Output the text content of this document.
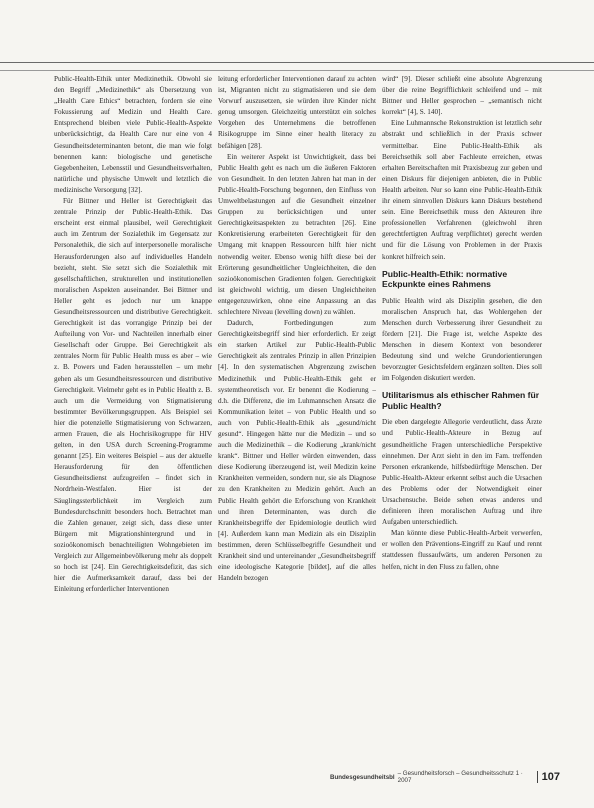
Public-Health-Ethik unter Medizinethik. Obwohl sie den Begriff „Medizinethik“ als Übersetzung von „Health Care Ethics“ betrachten, fordern sie eine Fokussierung auf Medizin und Health Care. Entsprechend bleiben viele Public-Health-Aspekte unberücksichtigt, da Health Care nur eine von 4 Gesundheitsdeterminanten betont, die man wie folgt benennen kann: biologische und genetische Gegebenheiten, Lebensstil und Gesundheitsverhalten, natürliche und physische Umwelt und letztlich die medizinische Versorgung [32].

Für Bittner und Heller ist Gerechtigkeit das zentrale Prinzip der Public-Health-Ethik. Das erscheint erst einmal plausibel, weil Gerechtigkeit auch im Zentrum der Sozialethik im Gegensatz zur Personalethik, die sich auf interpersonelle moralische Herausforderungen also auf individuelles Handeln bezieht, steht. Sie setzt sich die Sozialethik mit gesellschaftlichen, strukturellen und institutionellen moralischen Aspekten auseinander. Bei Bittner und Heller geht es jedoch nur um knappe Gesundheitsressourcen und distributive Gerechtigkeit. Gerechtigkeit ist das vorrangige Prinzip bei der Aufteilung von Vor- und Nachteilen innerhalb einer Gesellschaft oder Gruppe. Bei Gerechtigkeit als zentrales Norm für Public Health muss es aber – wie z. B. Powers und Faden herausstellen – um mehr gehen als um Gesundheitsressourcen und distributive Gerechtigkeit. Vielmehr geht es in Public Health z. B. auch um die Vermeidung von Stigmatisierung bestimmter Bevölkerungsgruppen. Als Beispiel sei hier die potenzielle Stigmatisierung von Schwarzen, armen Frauen, die als Hochrisikogruppe für HIV gelten, in den USA durch Screening-Programme genannt [25]. Ein weiteres Beispiel – aus der aktuelle Herausforderung für den öffentlichen Gesundheitsdienst aufzugreifen – findet sich in Nordrhein-Westfalen. Hier ist der Säuglingssterblichkeit im Vergleich zum Bundesdurchschnitt besonders hoch. Betrachtet man die Zahlen genauer, zeigt sich, dass diese unter Bürgern mit Migrationshintergrund und in sozioökonomisch benachteiligten Wohngebieten im Vergleich zur Allgemeinbevölkerung mehr als doppelt so hoch ist [24]. Ein Gerechtigkeitsdefizit, das sich hier die Aufmerksamkeit darauf, dass bei der Einleitung erforderlicher Interventionen

leitung erforderlicher Interventionen darauf zu achten ist, Migranten nicht zu stigmatisieren und sie dem Vorwurf auszusetzen, sie würden ihre Kinder nicht genug umsorgen. Gleichzeitig unterstützt ein solches Vorgehen des Unternehmens die betroffenen Risikogruppe im Sinne einer health literacy zu befähigen [28].

Ein weiterer Aspekt ist Unwichtigkeit, dass bei Public Health geht es nach um die äußeren Faktoren von Gesundheit. In den letzten Jahren hat man in der Public-Health-Forschung begonnen, den Einfluss von Umweltbelastungen auf die Gesundheit einzelner Gruppen zu berücksichtigen und unter Gerechtigkeitsaspekten zu betrachten [26]. Eine Konkretisierung erarbeiteten Gerechtigkeit für den Umgang mit knappen Ressourcen hilft hier nicht notwendig weiter. Ebenso wenig hilft diese bei der Erörterung gesundheitlicher Ungleichheiten, die den sozioökonomischen Gradienten folgen. Gerechtigkeit ist gleichwohl wichtig, um diesen Ungleichheiten entgegenzuwirken, ohne eine Anpassung an das schlechtere Niveau (levelling down) zu wählen.

Dadurch, Fortbedingungen zum Gerechtigkeitsbegriff sind hier erforderlich. Er zeigt ein starken Artikel zur Public-Health-Public Gerechtigkeit als zentrales Prinzip in allen Prinzipien [4]. In den systematischen Abgrenzung zwischen Medizinethik und Public-Health-Ethik geht er systemtheoretisch vor. Er benennt die Kodierung – d.h. die Differenz, die im Luhmannschen Ansatz die Kommunikation leitet – von Public Health und so auch von Public-Health-Ethik als „gesund/nicht gesund“. Hingegen hätte nur die Medizin – und so auch die Medizinethik – die Kodierung „krank/nicht krank“. Bittner und Heller würden einwenden, dass diese Kodierung überzeugend ist, weil Medizin keine Krankheiten vermeiden, sondern nur, sie als Diagnose zu den Krankheiten zu Medizin gehört. Auch an Public Health gehört die Erforschung von Krankheit und ihren Determinanten, was durch die Krankheitsbegriffe der Epidemiologie deutlich wird [4]. Außerdem kann man Medizin als ein Disziplin bestimmen, deren Schlüsselbegriffe Gesundheit und Krankheit sind und untereinander „Gesundheitsbegriff eine ideologische Kategorie [bildet], auf die alles Handeln bezogen

wird“ [9]. Dieser schließt eine absolute Abgrenzung über die reine Begrifflichkeit schleifend und – mit Bittner und Heller gesprochen – „semantisch nicht korrekt“ [4], S. 140].

Eine Luhmannsche Rekonstruktion ist letztlich sehr abstrakt und schließlich in der Praxis schwer vermittelbar. Eine Public-Health-Ethik als Bereichsethik soll aber Fachleute erreichen, etwas erhalten Bereitschaften mit Praxisbezug zur geben und einen Diskurs für diejenigen anbieten, die in Public Health arbeiten. Nur so kann eine Public-Health-Ethik ihr einem sinnvollen Diskurs kann Diskurs bestehend sein. Eine Bereichsethik muss den Akteuren ihre professionellen Verfahrenen (gleichwohl ihren gerechtfertigten Auftrag verpflichtet) gerecht werden und für die Lösung von Problemen in der Praxis konkret hilfreich sein.

Public-Health-Ethik: normative Eckpunkte eines Rahmens

Public Health wird als Disziplin gesehen, die den moralischen Anspruch hat, das Wohlergehen der Menschen durch Verbesserung ihrer Gesundheit zu fördern [21]. Die Frage ist, welche Aspekte des Menschen in diesem Kontext von besonderer Bedeutung sind und welche Grundorientierungen bevorzugter Gesichtsfeldern ergänzen sollten. Dies soll im Folgenden diskutiert werden.

Utilitarismus als ethischer Rahmen für Public Health?

Die eben dargelegte Allegorie verdeutlicht, dass Ärzte und Public-Health-Akteure in Bezug auf gesundheitliche Fragen unterschiedliche Perspektive einnehmen. Der Arzt sieht in den im Fam. treffenden Personen erkrankende, hilfsbedürftige Menschen. Der Public-Health-Akteur erkennt selbst auch die Ursachen des Problems oder der Notwendigkeit einer Ursachensuche. Beide sehen etwas anderes und definieren ihren moralischen Auftrag und ihre Aufgaben unterschiedlich.

Man könnte diese Public-Health-Arbeit verwerfen, er wollen den Präventions-Eingriff zu Kauf und rennt stattdessen flussaufwärts, um anderen Personen zu helfen, nicht in den Fluss zu fallen, ohne

Bundesgesundheitsbl – Gesundheitsforsch – Gesundheitsschutz 1 · 2007	107
